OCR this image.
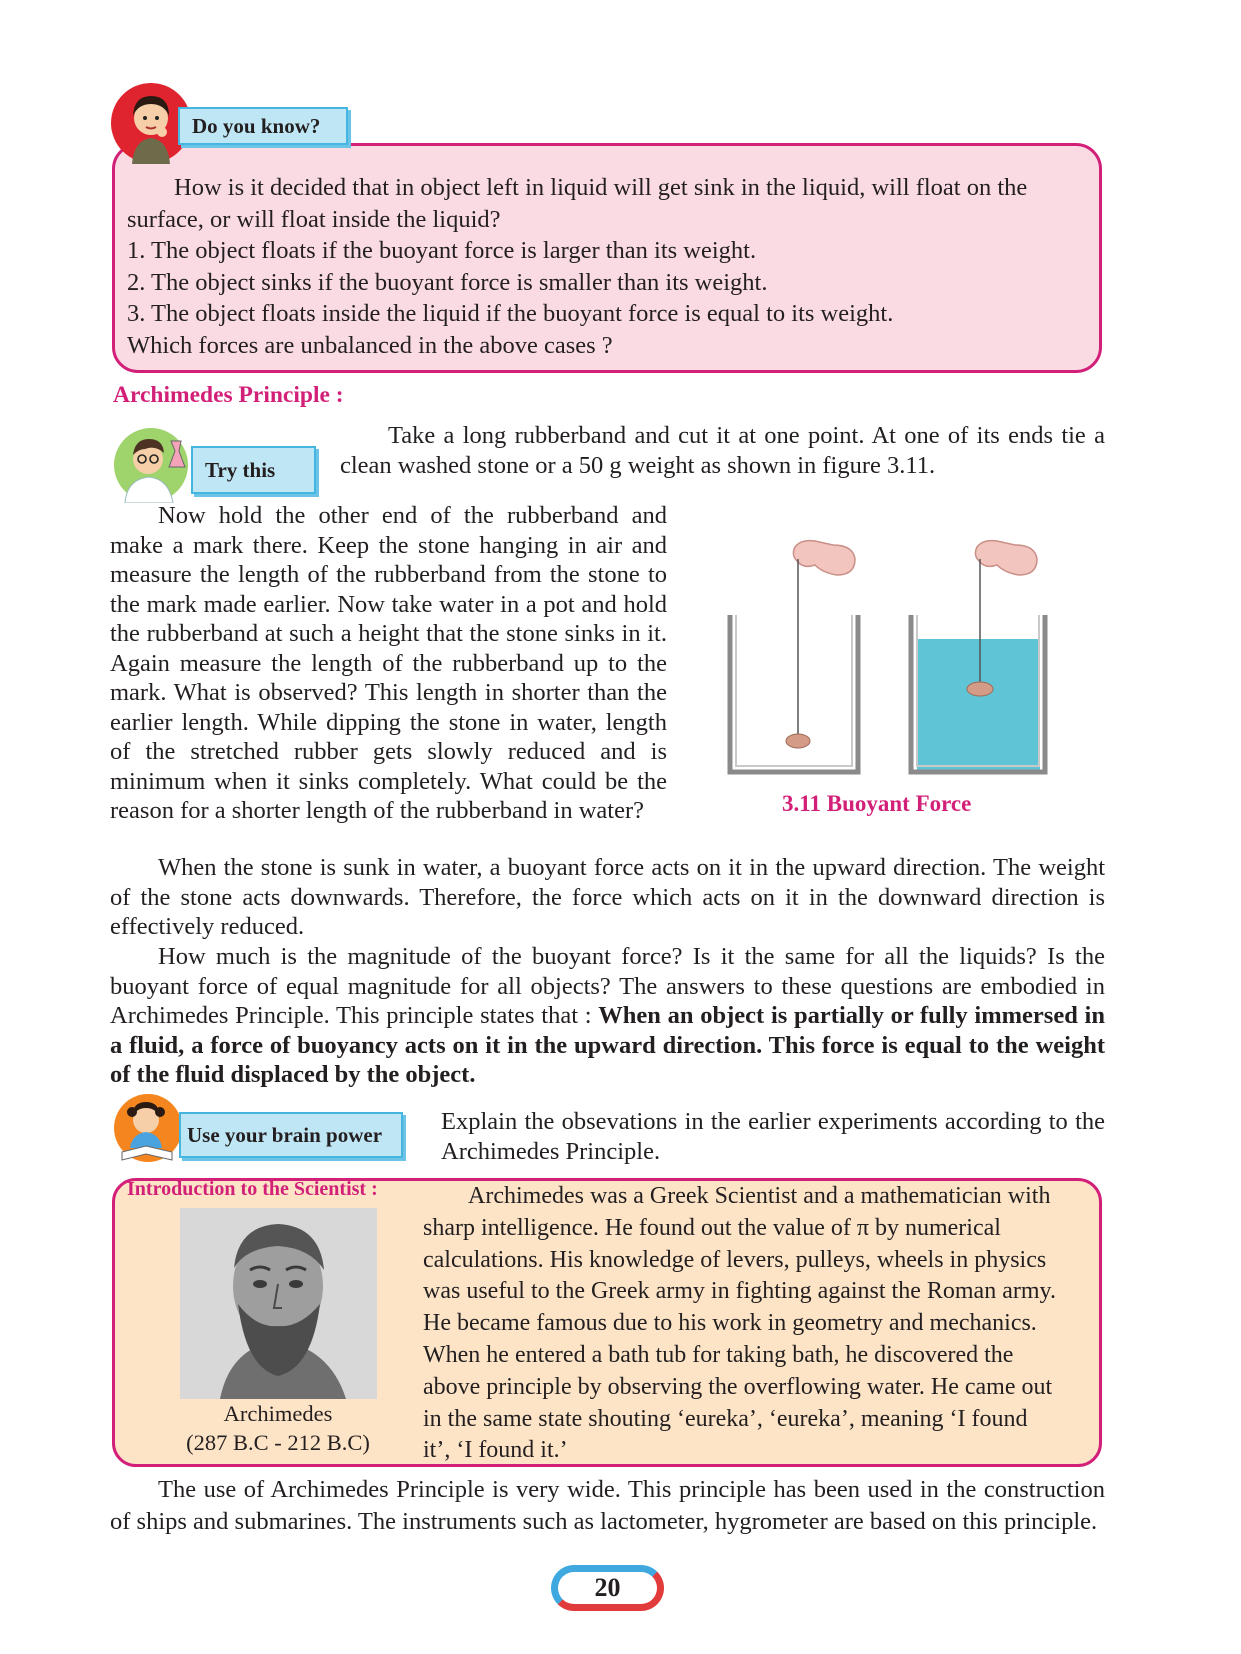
Do you know?
How is it decided that in object left in liquid will get sink in the liquid, will float on the
surface, or will float inside the liquid?
1. The object floats if the buoyant force is larger than its weight.
2. The object sinks if the buoyant force is smaller than its weight.
3. The object floats inside the liquid if the buoyant force is equal to its weight.
Which forces are unbalanced in the above cases ?
Archimedes Principle :
Try this
Take a long rubberband and cut it at one point. At one of its ends tie a clean washed stone or a 50 g weight as shown in figure 3.11.
Now hold the other end of the rubberband and make a mark there. Keep the stone hanging in air and measure the length of the rubberband from the stone to the mark made earlier. Now take water in a pot and hold the rubberband at such a height that the stone sinks in it. Again measure the length of the rubberband up to the mark. What is observed? This length in shorter than the earlier length. While dipping the stone in water, length of the stretched rubber gets slowly reduced and is minimum when it sinks completely. What could be the reason for a shorter length of the rubberband in water?	3.11 Buoyant Force
When the stone is sunk in water, a buoyant force acts on it in the upward direction. The weight of the stone acts downwards. Therefore, the force which acts on it in the downward direction is effectively reduced.
How much is the magnitude of the buoyant force? Is it the same for all the liquids? Is the buoyant force of equal magnitude for all objects? The answers to these questions are embodied in Archimedes Principle. This principle states that : When an object is partially or fully immersed in a fluid, a force of buoyancy acts on it in the upward direction. This force is equal to the weight of the fluid displaced by the object.
Use your brain power Explain the obsevations in the earlier experiments according to the Archimedes Principle.
Introduction to the Scientist :
Archimedes
(287 B.C - 212 B.C)
Archimedes was a Greek Scientist and a mathematician with
sharp intelligence. He found out the value of π by numerical
calculations. His knowledge of levers, pulleys, wheels in physics
was useful to the Greek army in fighting against the Roman army.
He became famous due to his work in geometry and mechanics.
When he entered a bath tub for taking bath, he discovered the
above principle by observing the overflowing water. He came out
in the same state shouting ‘eureka’, ‘eureka’, meaning ‘I found
it’, ‘I found it.’
The use of Archimedes Principle is very wide. This principle has been used in the construction of ships and submarines. The instruments such as lactometer, hygrometer are based on this principle.
20
